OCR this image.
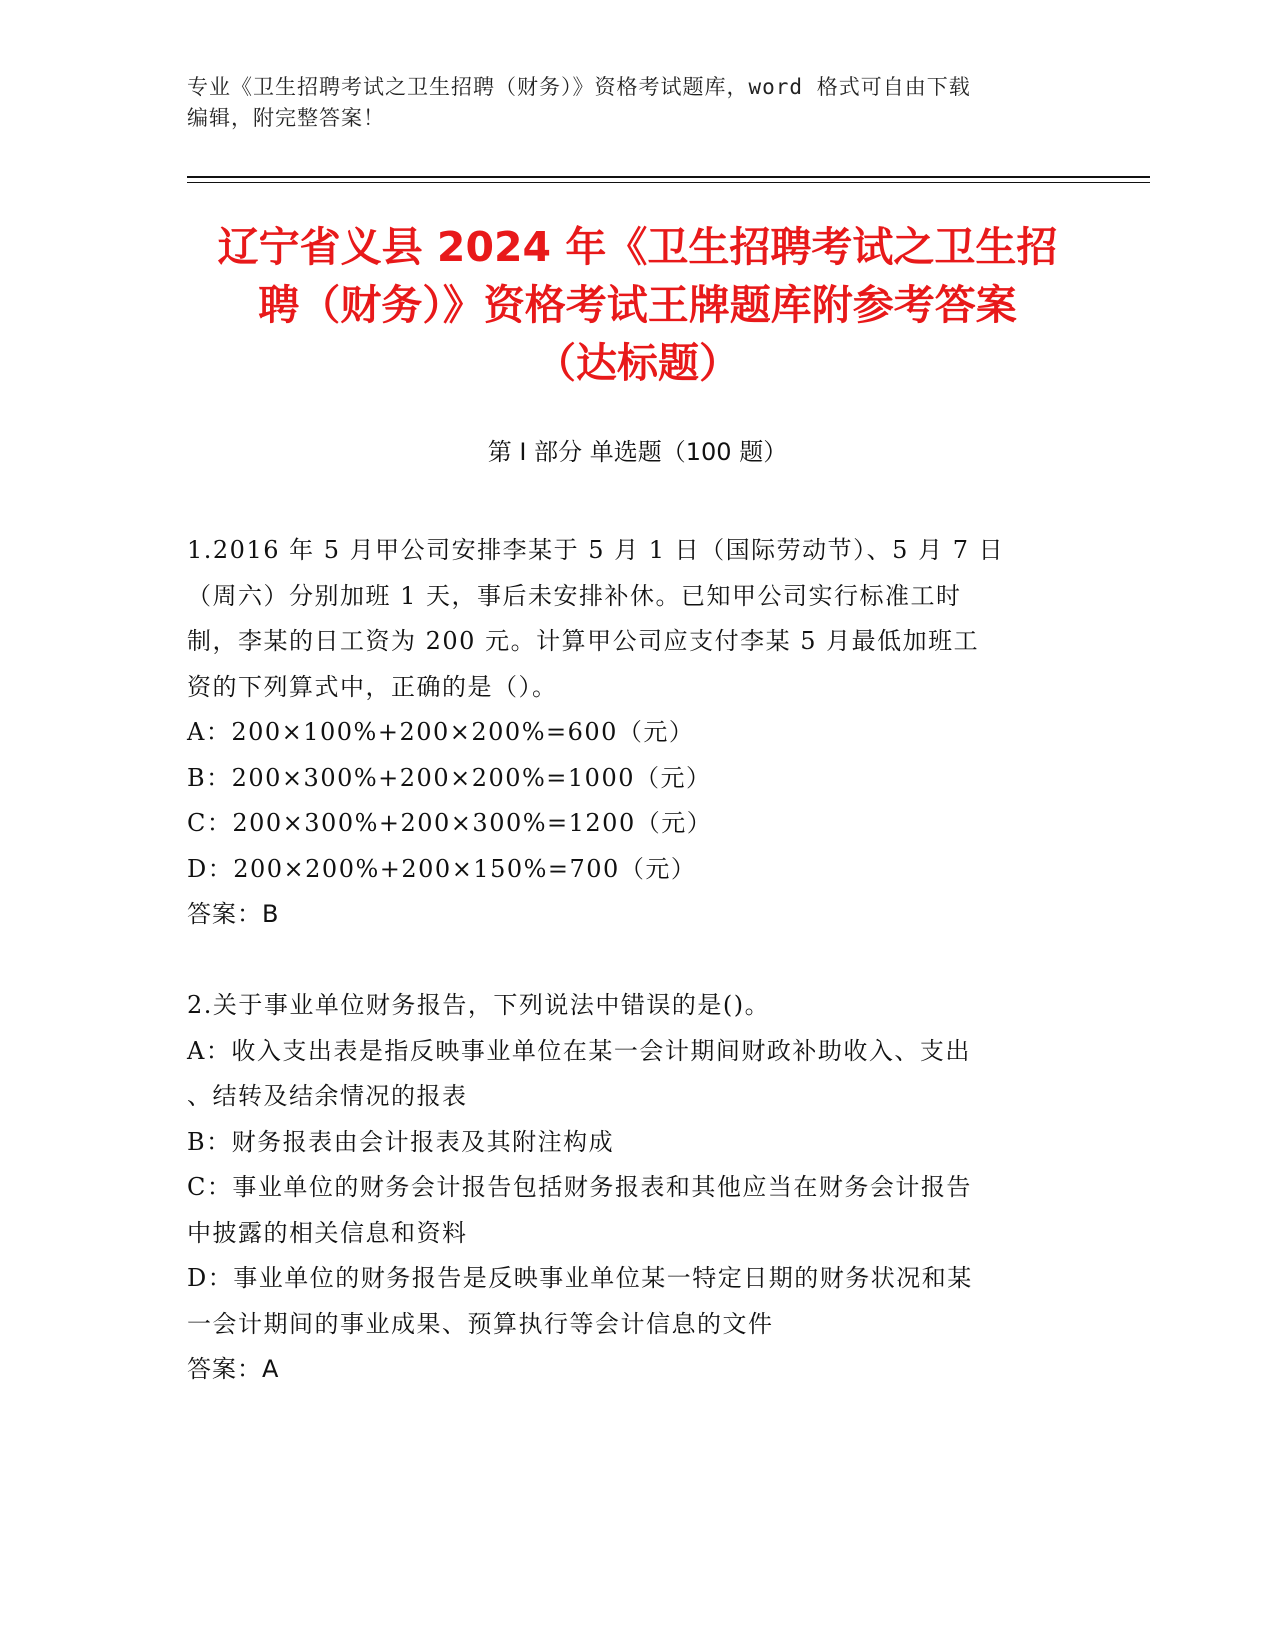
专业《卫生招聘考试之卫生招聘（财务）》资格考试题库，word 格式可自由下载
编辑，附完整答案！
辽宁省义县 2024 年《卫生招聘考试之卫生招
聘（财务）》资格考试王牌题库附参考答案
（达标题）
第 I 部分 单选题（100 题）
1.2016 年 5 月甲公司安排李某于 5 月 1 日（国际劳动节）、5 月 7 日
（周六）分别加班 1 天，事后未安排补休。已知甲公司实行标准工时
制，李某的日工资为 200 元。计算甲公司应支付李某 5 月最低加班工
资的下列算式中，正确的是（）。
A：200×100%+200×200%=600（元）
B：200×300%+200×200%=1000（元）
C：200×300%+200×300%=1200（元）
D：200×200%+200×150%=700（元）
答案：B
2.关于事业单位财务报告，下列说法中错误的是()。
A：收入支出表是指反映事业单位在某一会计期间财政补助收入、支出
、结转及结余情况的报表
B：财务报表由会计报表及其附注构成
C：事业单位的财务会计报告包括财务报表和其他应当在财务会计报告
中披露的相关信息和资料
D：事业单位的财务报告是反映事业单位某一特定日期的财务状况和某
一会计期间的事业成果、预算执行等会计信息的文件
答案：A
